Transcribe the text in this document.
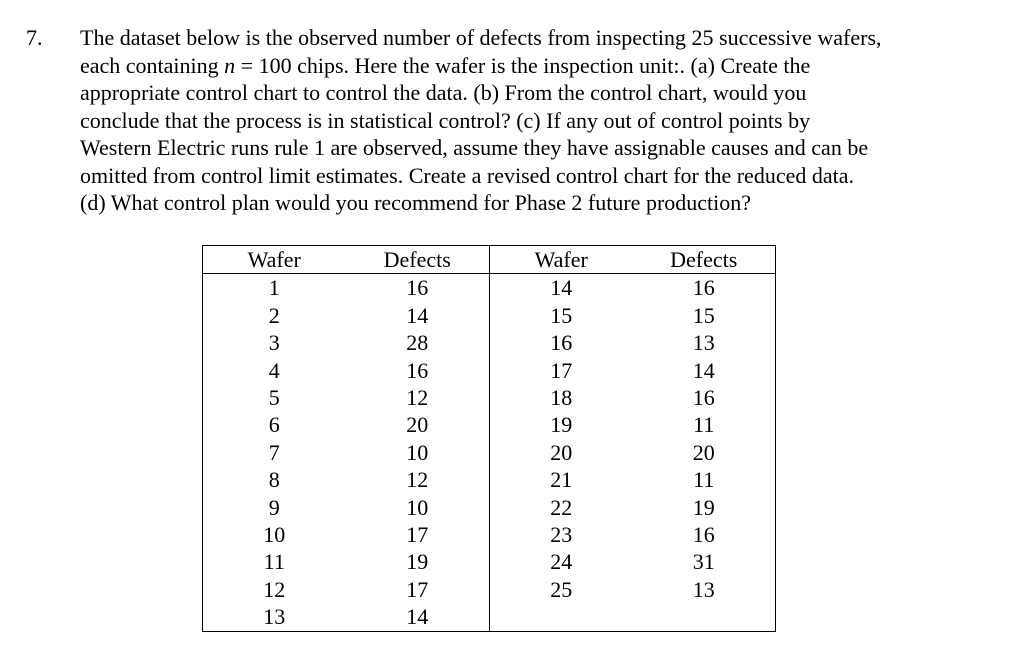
7. The dataset below is the observed number of defects from inspecting 25 successive wafers,
each containing n = 100 chips. Here the wafer is the inspection unit:. (a) Create the
appropriate control chart to control the data. (b) From the control chart, would you
conclude that the process is in statistical control? (c) If any out of control points by
Western Electric runs rule 1 are observed, assume they have assignable causes and can be
omitted from control limit estimates. Create a revised control chart for the reduced data.
(d) What control plan would you recommend for Phase 2 future production?
Wafer	Defects	Wafer	Defects
1	16	14	16
2	14	15	15
3	28	16	13
4	16	17	14
5	12	18	16
6	20	19	11
7	10	20	20
8	12	21	11
9	10	22	19
10	17	23	16
11	19	24	31
12	17	25	13
13	14		
